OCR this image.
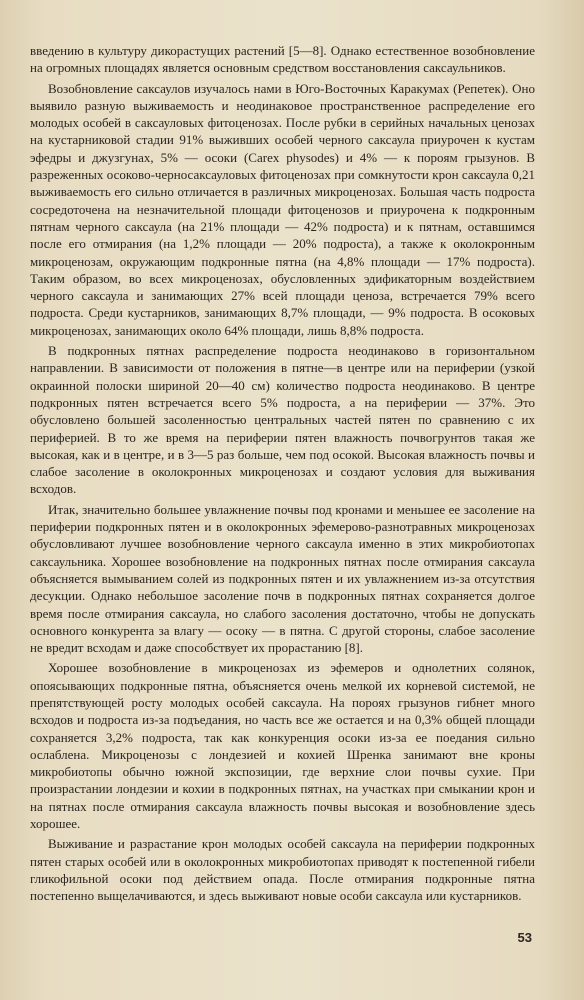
введению в культуру дикорастущих растений [5—8]. Однако естественное возобновление на огромных площадях является основным средством восстановления саксаульников.

Возобновление саксаулов изучалось нами в Юго-Восточных Каракумах (Репетек). Оно выявило разную выживаемость и неодинаковое пространственное распределение его молодых особей в саксауловых фитоценозах. После рубки в серийных начальных ценозах на кустарниковой стадии 91% выживших особей черного саксаула приурочен к кустам эфедры и джузгунах, 5% — осоки (Carex physodes) и 4% — к порoям грызунов. В разреженных осоково-черносаксауловых фитоценозах при сомкнутости крон саксаула 0,21 выживаемость его сильно отличается в различных микроценозах. Большая часть подроста сосредоточена на незначительной площади фитоценозов и приурочена к подкронным пятнам черного саксаула (на 21% площади — 42% подроста) и к пятнам, оставшимся после его отмирания (на 1,2% площади — 20% подроста), а также к околокронным микроценозам, окружающим подкронные пятна (на 4,8% площади — 17% подроста). Таким образом, во всех микроценозах, обусловленных эдификаторным воздействием черного саксаула и занимающих 27% всей площади ценоза, встречается 79% всего подроста. Среди кустарников, занимающих 8,7% площади, — 9% подроста. В осоковых микроценозах, занимающих около 64% площади, лишь 8,8% подроста.

В подкронных пятнах распределение подроста неодинаково в горизонтальном направлении. В зависимости от положения в пятне—в центре или на периферии (узкой окраинной полоски шириной 20—40 см) количество подроста неодинаково. В центре подкронных пятен встречается всего 5% подроста, а на периферии — 37%. Это обусловлено большей засоленностью центральных частей пятен по сравнению с их периферией. В то же время на периферии пятен влажность почвогрунтов такая же высокая, как и в центре, и в 3—5 раз больше, чем под осокой. Высокая влажность почвы и слабое засоление в околокронных микроценозах и создают условия для выживания всходов.

Итак, значительно большее увлажнение почвы под кронами и меньшее ее засоление на периферии подкронных пятен и в околокронных эфемерово-разнотравных микроценозах обусловливают лучшее возобновление черного саксаула именно в этих микробиотопах саксаульника. Хорошее возобновление на подкронных пятнах после отмирания саксаула объясняется вымыванием солей из подкронных пятен и их увлажнением из-за отсутствия десукции. Однако небольшое засоление почв в подкронных пятнах сохраняется долгое время после отмирания саксаула, но слабого засоления достаточно, чтобы не допускать основного конкурента за влагу — осоку — в пятна. С другой стороны, слабое засоление не вредит всходам и даже способствует их прорастанию [8].

Хорошее возобновление в микроценозах из эфемеров и однолетних солянок, опоясывающих подкронные пятна, объясняется очень мелкой их корневой системой, не препятствующей росту молодых особей саксаула. На порoях грызунов гибнет много всходов и подроста из-за подъедания, но часть все же остается и на 0,3% общей площади сохраняется 3,2% подроста, так как конкуренция осоки из-за ее поедания сильно ослаблена. Микроценозы с лондезией и кохией Шренка занимают вне кроны микробиотопы обычно южной экспозиции, где верхние слои почвы сухие. При произрастании лондезии и кохии в подкронных пятнах, на участках при смыкании крон и на пятнах после отмирания саксаула влажность почвы высокая и возобновление здесь хорошее.

Выживание и разрастание крон молодых особей саксаула на периферии подкронных пятен старых особей или в околокронных микробиотопах приводят к постепенной гибели гликофильной осоки под действием опада. После отмирания подкронные пятна постепенно выщелачиваются, и здесь выживают новые особи саксаула или кустарников.

53
